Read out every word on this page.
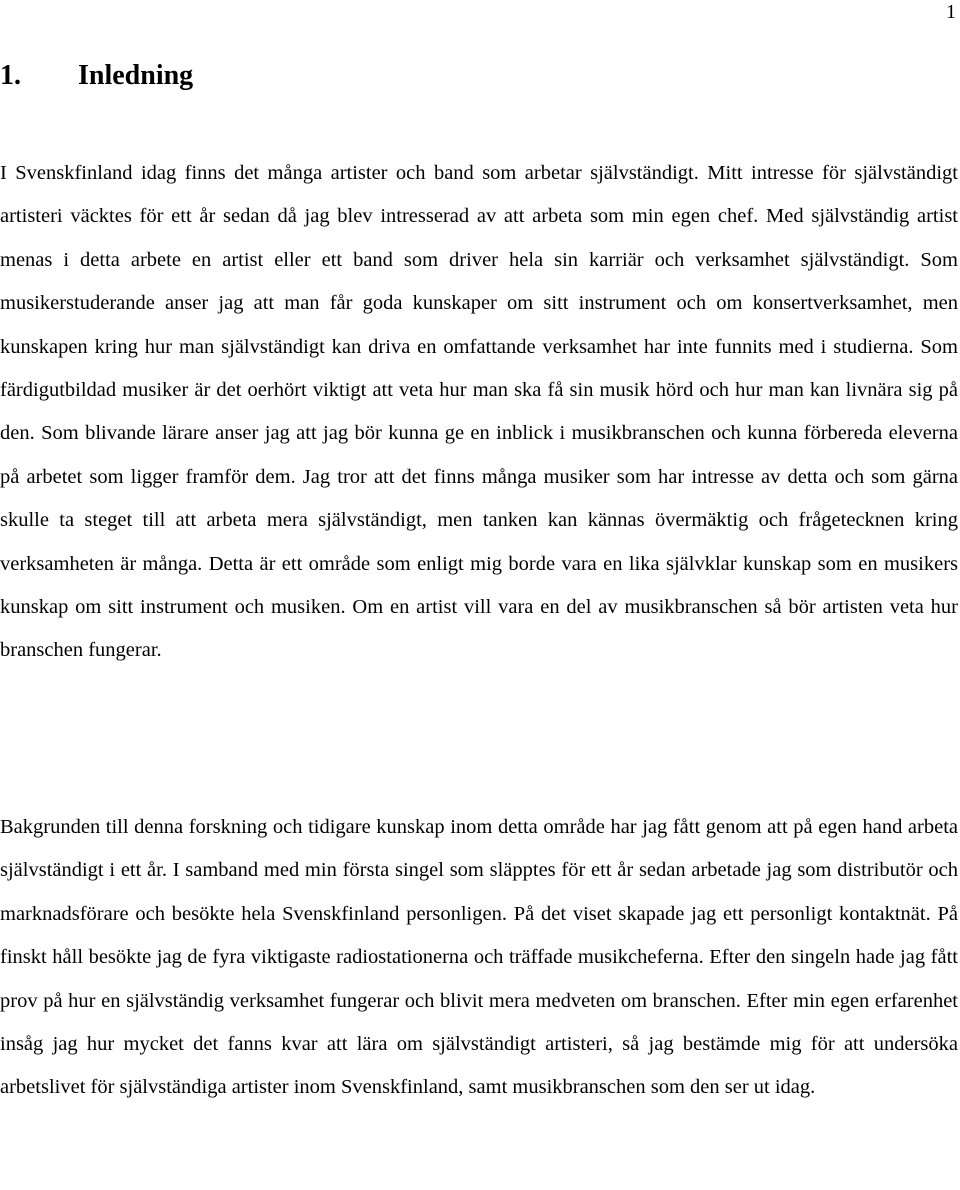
1
1. Inledning

I Svenskfinland idag finns det många artister och band som arbetar självständigt. Mitt intresse för självständigt artisteri väcktes för ett år sedan då jag blev intresserad av att arbeta som min egen chef. Med självständig artist menas i detta arbete en artist eller ett band som driver hela sin karriär och verksamhet självständigt. Som musikerstuderande anser jag att man får goda kunskaper om sitt instrument och om konsertverksamhet, men kunskapen kring hur man självständigt kan driva en omfattande verksamhet har inte funnits med i studierna. Som färdigutbildad musiker är det oerhört viktigt att veta hur man ska få sin musik hörd och hur man kan livnära sig på den. Som blivande lärare anser jag att jag bör kunna ge en inblick i musikbranschen och kunna förbereda eleverna på arbetet som ligger framför dem. Jag tror att det finns många musiker som har intresse av detta och som gärna skulle ta steget till att arbeta mera självständigt, men tanken kan kännas övermäktig och frågetecknen kring verksamheten är många. Detta är ett område som enligt mig borde vara en lika självklar kunskap som en musikers kunskap om sitt instrument och musiken. Om en artist vill vara en del av musikbranschen så bör artisten veta hur branschen fungerar.

Bakgrunden till denna forskning och tidigare kunskap inom detta område har jag fått genom att på egen hand arbeta självständigt i ett år. I samband med min första singel som släpptes för ett år sedan arbetade jag som distributör och marknadsförare och besökte hela Svenskfinland personligen. På det viset skapade jag ett personligt kontaktnät. På finskt håll besökte jag de fyra viktigaste radiostationerna och träffade musikcheferna. Efter den singeln hade jag fått prov på hur en självständig verksamhet fungerar och blivit mera medveten om branschen. Efter min egen erfarenhet insåg jag hur mycket det fanns kvar att lära om självständigt artisteri, så jag bestämde mig för att undersöka arbetslivet för självständiga artister inom Svenskfinland, samt musikbranschen som den ser ut idag.
